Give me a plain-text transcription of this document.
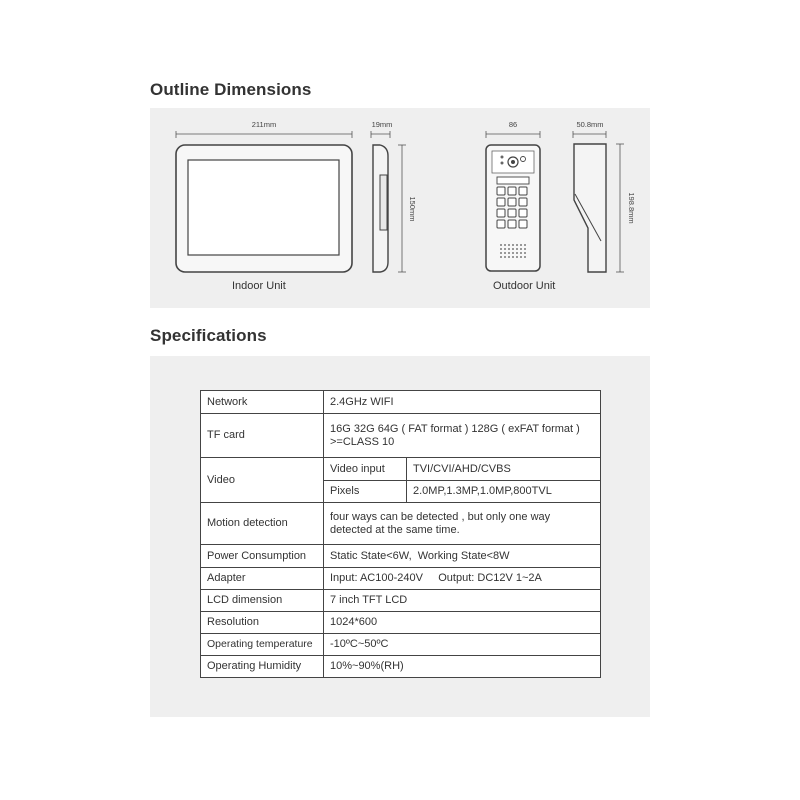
Outline Dimensions
211mm	19mm
150mm
86	50.8mm
198.8mm
Indoor Unit	Outdoor Unit
Specifications
Network	2.4GHz WIFI	
TF card	16G 32G 64G ( FAT format ) 128G ( exFAT format )
>=CLASS 10	

Video	Video input	TVI/CVI/AHD/CVBS
	Pixels	2.0MP,1.3MP,1.0MP,800TVL
Motion detection	four ways can be detected , but only one way
detected at the same time.	

Power Consumption	Static State<6W,  Working State<8W	
Adapter	Input: AC100-240V     Output: DC12V 1~2A	
LCD dimension	7 inch TFT LCD	
Resolution	1024*600	
Operating temperature	-10ºC~50ºC	
Operating Humidity	10%~90%(RH)	
